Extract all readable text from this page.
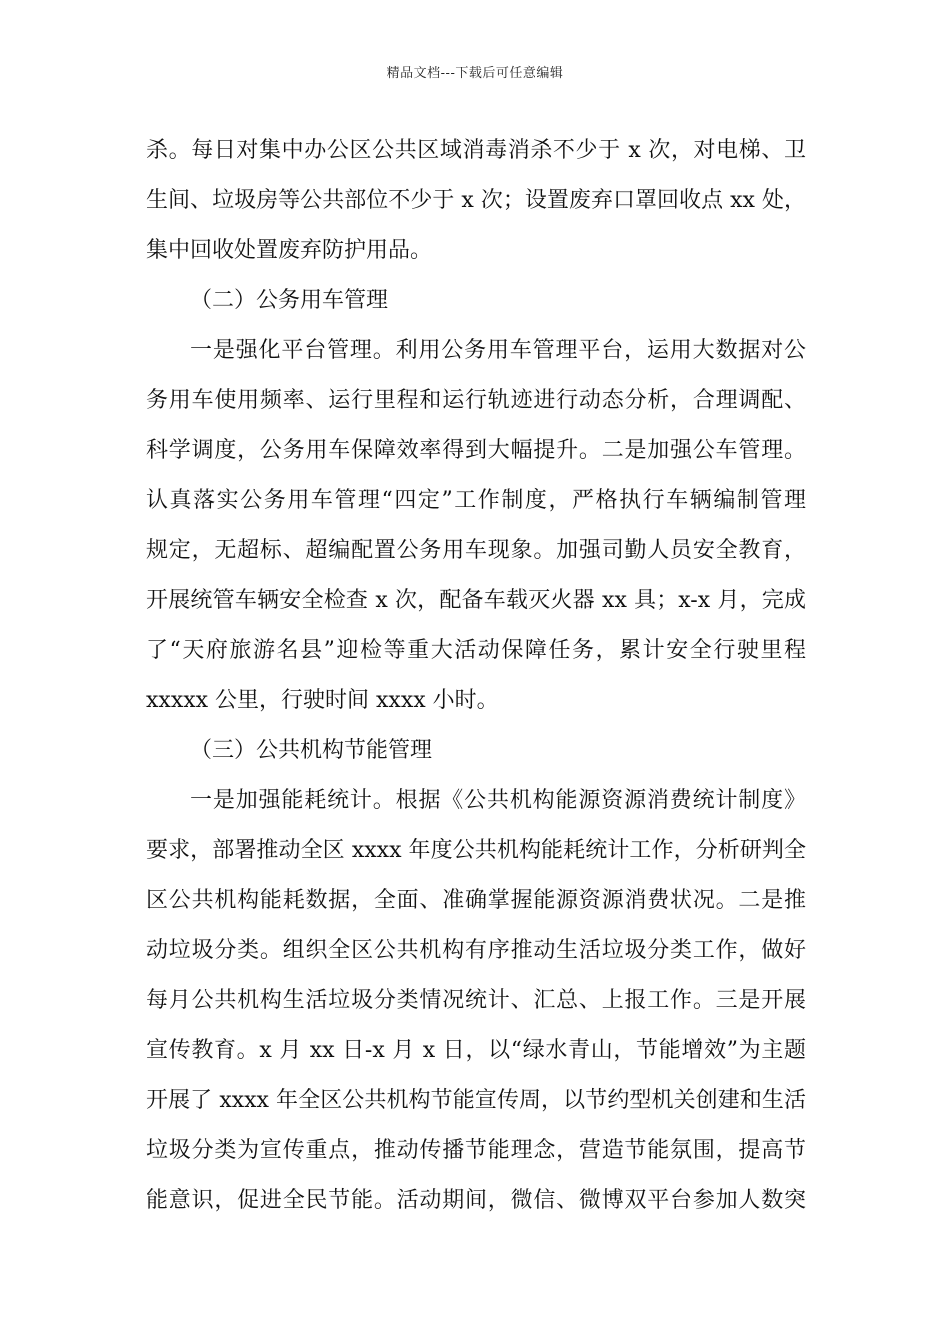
精品文档---下载后可任意编辑
杀。每日对集中办公区公共区域消毒消杀不少于 x 次，对电梯、卫
生间、垃圾房等公共部位不少于 x 次；设置废弃口罩回收点 xx 处，
集中回收处置废弃防护用品。
（二）公务用车管理
一是强化平台管理。利用公务用车管理平台，运用大数据对公
务用车使用频率、运行里程和运行轨迹进行动态分析，合理调配、
科学调度，公务用车保障效率得到大幅提升。二是加强公车管理。
认真落实公务用车管理“四定”工作制度，严格执行车辆编制管理
规定，无超标、超编配置公务用车现象。加强司勤人员安全教育，
开展统管车辆安全检查 x 次，配备车载灭火器 xx 具；x-x 月，完成
了“天府旅游名县”迎检等重大活动保障任务，累计安全行驶里程
xxxxx 公里，行驶时间 xxxx 小时。
（三）公共机构节能管理
一是加强能耗统计。根据《公共机构能源资源消费统计制度》
要求，部署推动全区 xxxx 年度公共机构能耗统计工作，分析研判全
区公共机构能耗数据，全面、准确掌握能源资源消费状况。二是推
动垃圾分类。组织全区公共机构有序推动生活垃圾分类工作，做好
每月公共机构生活垃圾分类情况统计、汇总、上报工作。三是开展
宣传教育。x 月 xx 日-x 月 x 日，以“绿水青山，节能增效”为主题
开展了 xxxx 年全区公共机构节能宣传周，以节约型机关创建和生活
垃圾分类为宣传重点，推动传播节能理念，营造节能氛围，提高节
能意识，促进全民节能。活动期间，微信、微博双平台参加人数突
